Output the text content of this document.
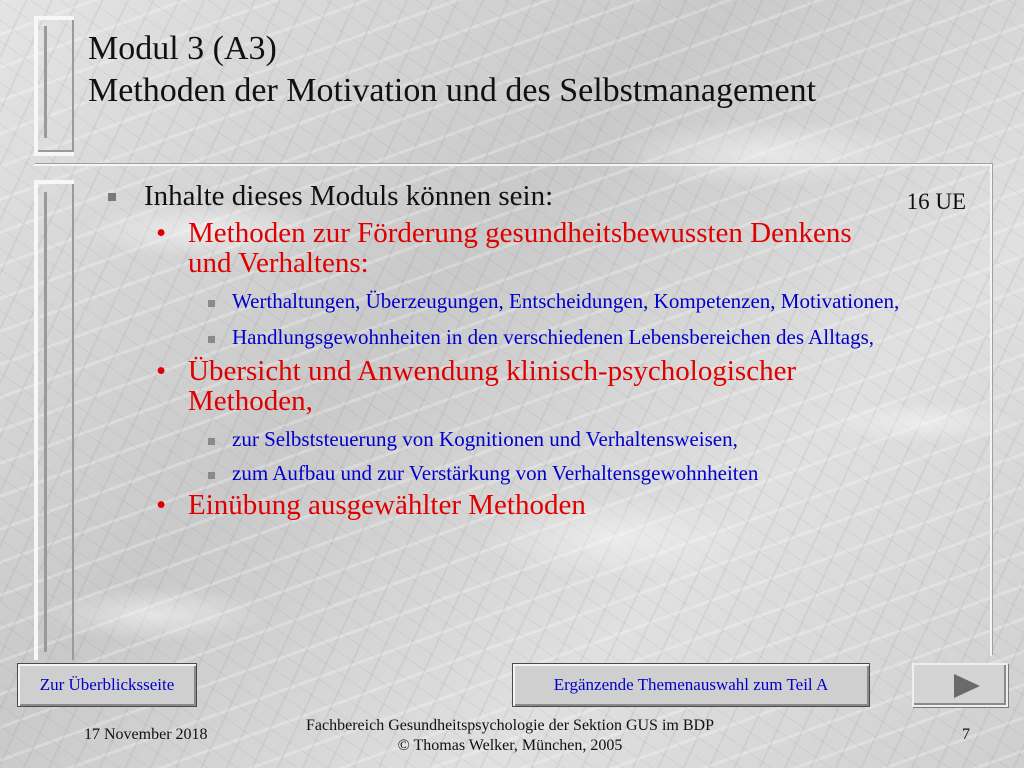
Modul 3 (A3)
Methoden der Motivation und des Selbstmanagement
Inhalte dieses Moduls können sein:	16 UE
• Methoden zur Förderung gesundheitsbewussten Denkens und Verhaltens:
Werthaltungen, Überzeugungen, Entscheidungen, Kompetenzen, Motivationen,
Handlungsgewohnheiten in den verschiedenen Lebensbereichen des Alltags,
• Übersicht und Anwendung klinisch-psychologischer Methoden,
zur Selbststeuerung von Kognitionen und Verhaltensweisen,
zum Aufbau und zur Verstärkung von Verhaltensgewohnheiten
• Einübung ausgewählter Methoden
Zur Überblicksseite	Ergänzende Themenauswahl zum Teil A
17 November 2018
Fachbereich Gesundheitspsychologie der Sektion GUS im BDP
© Thomas Welker, München, 2005
7
